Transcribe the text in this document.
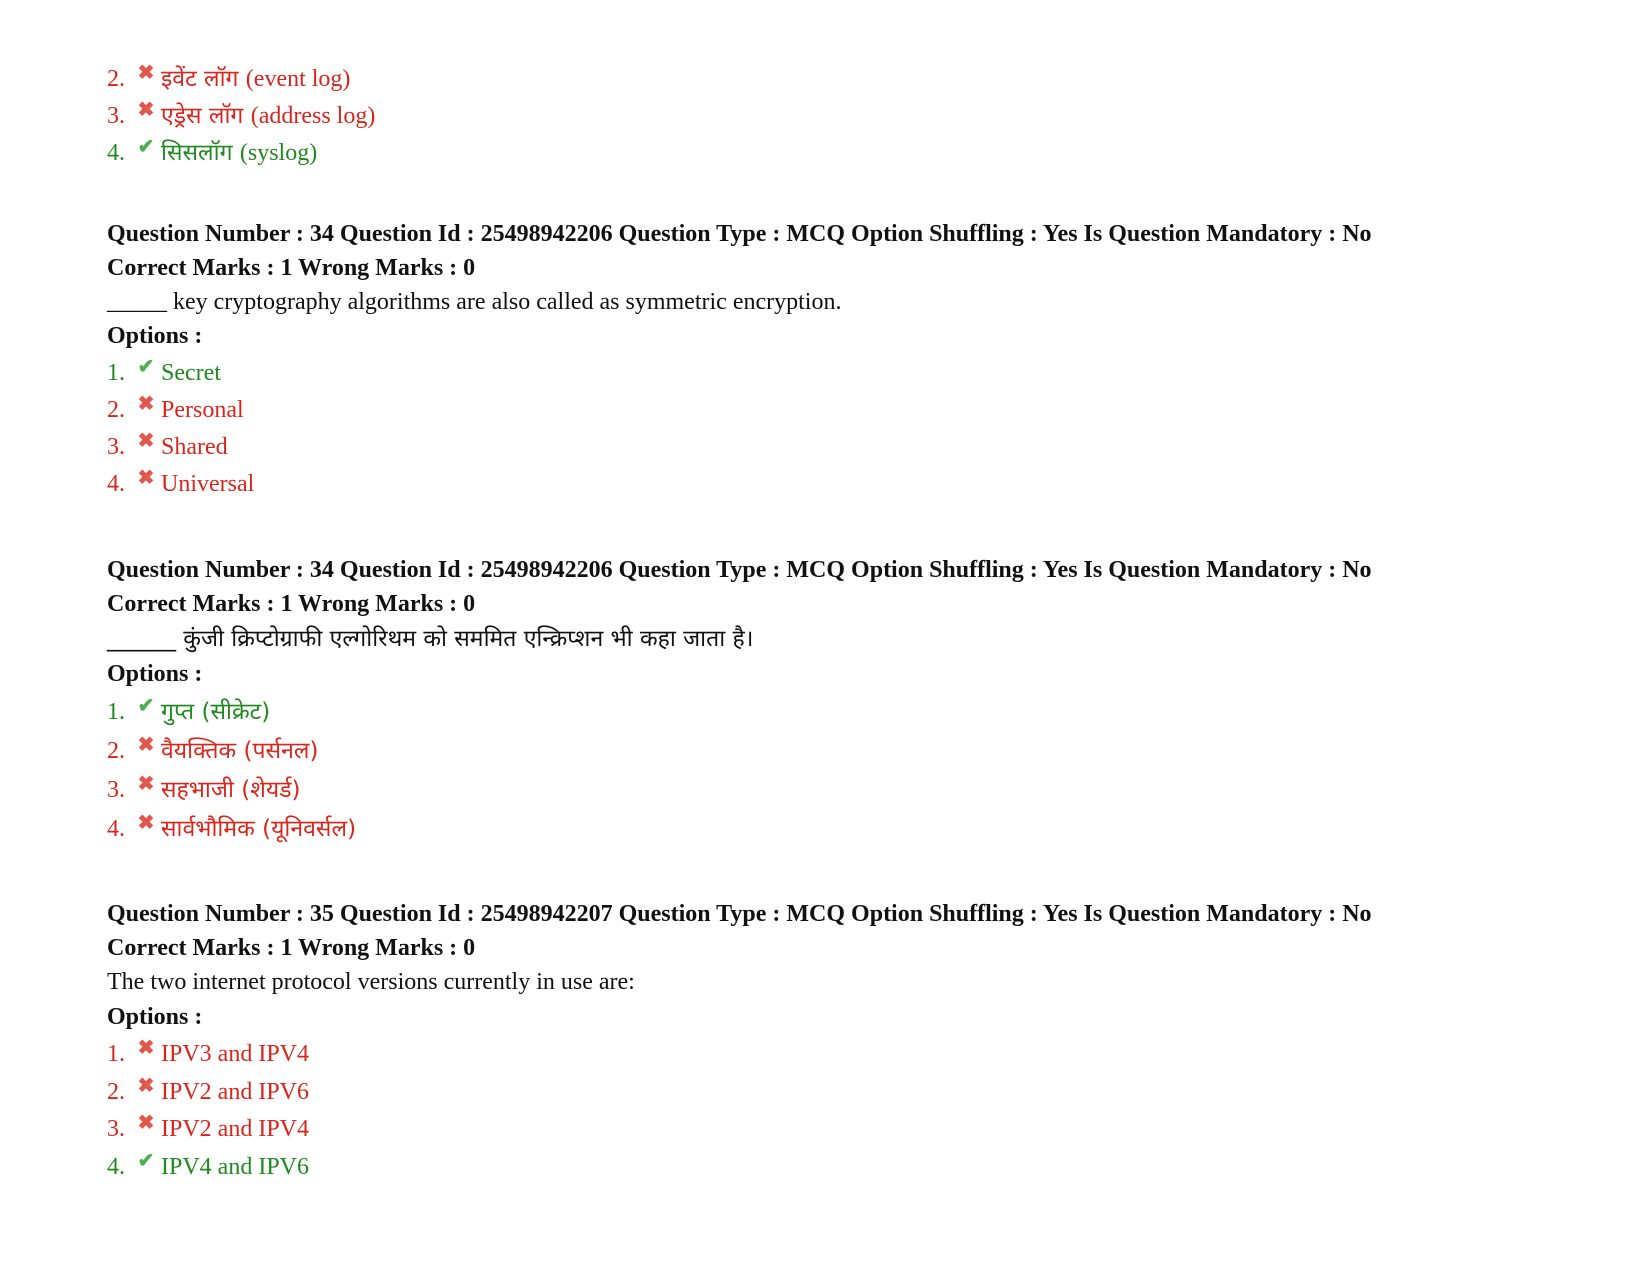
2. ✖ इवेंट लॉग (event log)
3. ✖ एड्रेस लॉग (address log)
4. ✔ सिसलॉग (syslog)
Question Number : 34 Question Id : 25498942206 Question Type : MCQ Option Shuffling : Yes Is Question Mandatory : No
Correct Marks : 1 Wrong Marks : 0
_____ key cryptography algorithms are also called as symmetric encryption.
Options :
1. ✔ Secret
2. ✖ Personal
3. ✖ Shared
4. ✖ Universal
Question Number : 34 Question Id : 25498942206 Question Type : MCQ Option Shuffling : Yes Is Question Mandatory : No
Correct Marks : 1 Wrong Marks : 0
______ कुंजी क्रिप्टोग्राफी एल्गोरिथम को सममित एन्क्रिप्शन भी कहा जाता है।
Options :
1. ✔ गुप्त (सीक्रेट)
2. ✖ वैयक्तिक (पर्सनल)
3. ✖ सहभाजी (शेयर्ड)
4. ✖ सार्वभौमिक (यूनिवर्सल)
Question Number : 35 Question Id : 25498942207 Question Type : MCQ Option Shuffling : Yes Is Question Mandatory : No
Correct Marks : 1 Wrong Marks : 0
The two internet protocol versions currently in use are:
Options :
1. ✖ IPV3 and IPV4
2. ✖ IPV2 and IPV6
3. ✖ IPV2 and IPV4
4. ✔ IPV4 and IPV6
